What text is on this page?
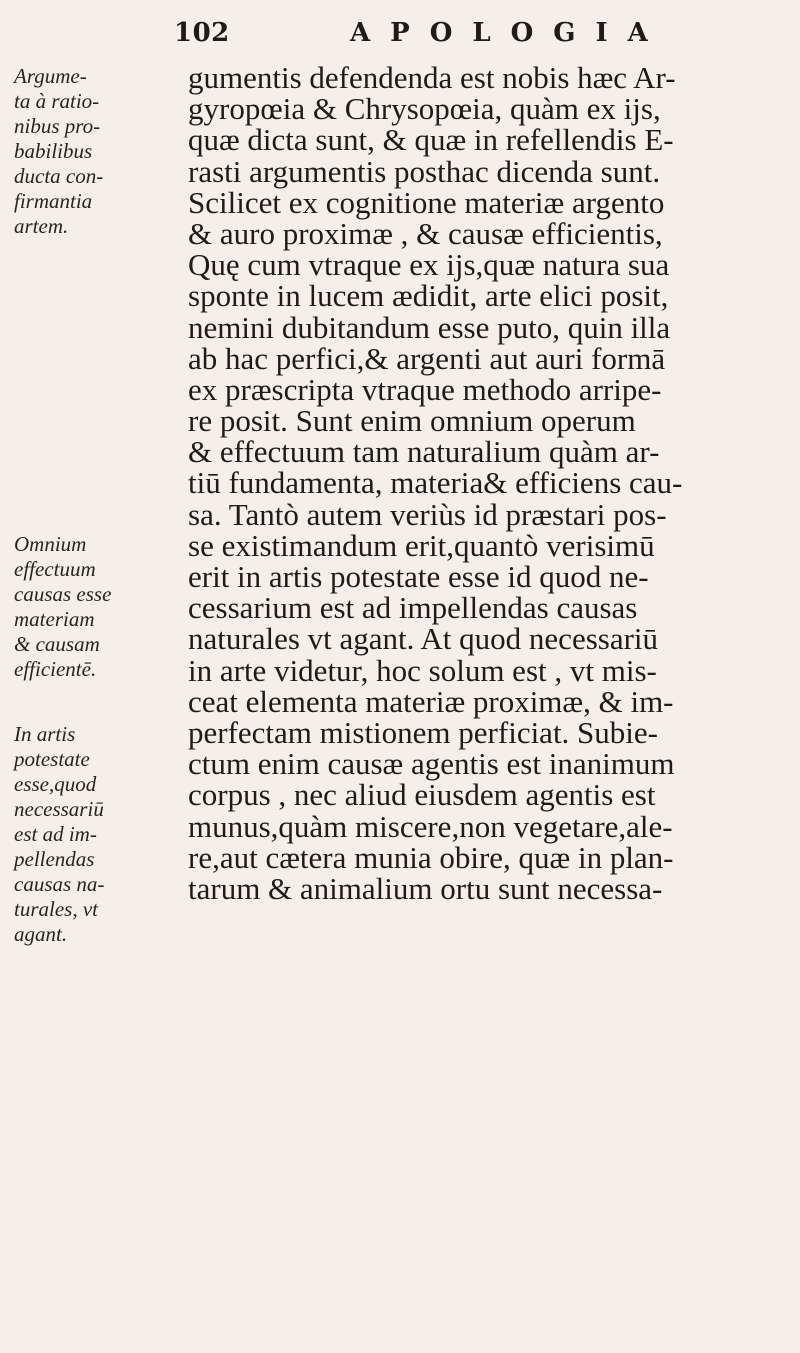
102	APOLOGIA
Argume-
ta à ratio-
nibus pro-
babilibus
ducta con-
firmantia
artem.
Omnium
effectuum
causas esse
materiam
& causam
efficientē.
In artis
potestate
esse,quod
necessariū
est ad im-
pellendas
causas na-
turales, vt
agant.
gumentis defendenda est nobis hæc Ar-
gyropœia & Chrysopœia, quàm ex ijs,
quæ dicta sunt, & quæ in refellendis E-
rasti argumentis posthac dicenda sunt.
Scilicet ex cognitione materiæ argento
& auro proximæ , & causæ efficientis,
Quę cum vtraque ex ijs,quæ natura sua
sponte in lucem ædidit, arte elici posit,
nemini dubitandum esse puto, quin illa
ab hac perfici,& argenti aut auri formā
ex præscripta vtraque methodo arripe-
re posit. Sunt enim omnium operum
& effectuum tam naturalium quàm ar-
tiū fundamenta, materia& efficiens cau-
sa. Tantò autem veriùs id præstari pos-
se existimandum erit,quantò verisimū
erit in artis potestate esse id quod ne-
cessarium est ad impellendas causas
naturales vt agant. At quod necessariū
in arte videtur, hoc solum est , vt mis-
ceat elementa materiæ proximæ, & im-
perfectam mistionem perficiat. Subie-
ctum enim causæ agentis est inanimum
corpus , nec aliud eiusdem agentis est
munus,quàm miscere,non vegetare,ale-
re,aut cætera munia obire, quæ in plan-
tarum & animalium ortu sunt necessa-
